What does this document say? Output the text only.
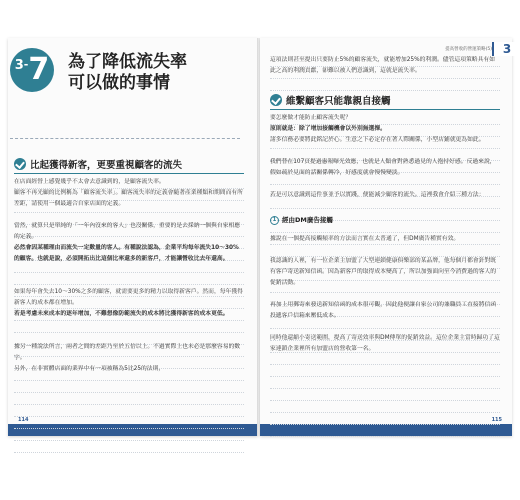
114	115
3 - 7 為了降低流失率
可以做的事情
比起獲得新客，更要重視顧客的流失
在店面經營上感覺幾乎不太會去意識到的，是顧客流失率。
顧客不再光顧的比例稱為「顧客流失率」。顧客流失率的定義會隨著產業種類和期間而有所差距，請使用一個最適合自家店面的定義。
當然，就算只是單純的「一年內沒來的客人」也沒關係，重要的是去採納一個與自家相應的定義。
必然會因某種理由而流失一定數量的客人。有種說法認為，企業平均每年流失10～30%的顧客。也就是說，必須開拓出比這個比率還多的新客戶，才能讓營收比去年還高。
如果每年會失去10～30%之多的顧客，就需要更多的精力以取得新客戶。然而，每年獲得新客人的成本都在增加。
若是考慮未來成本的逐年增加，不難想像防範流失的成本將比獲得新客的成本更低。
據另一種說法所言，兩者之間的差距乃至於五倍以上。不過實際上也未必是那麼容易的數字。
另外，在非實體店面的業界中有一項被稱為5比25的法則，
提高營收的營運策略(5) 3
這項法則甚至提出只要防止5%的顧客流失，就能增加25%的利潤。儘管這項策略具有如此之高的利潤貢獻，卻難以被人們意識到，這就是流失率。
維繫顧客只能靠親自接觸
要怎麼做才能防止顧客流失呢？
原則就是：除了增加接觸機會以外別無選擇。
諸多信務必要將此銘記於心。生意之下必定存在著人際關係，小型店鋪就更為如此。
我們替在107頁提過惠報曝光效應，也就是人類會對熟悉過見的人抱持好感。反過來說，假如疏於見面的話關係轉冷，好感度就會慢慢變淡。
若是可以意識到這件事並予以實踐，便能減少顧客的流失。這裡我會介紹三種方法：
1 經由DM廣告接觸
據說在一個提高接觸頻率的方法而言實在太普通了，但DM廣告種實有效。
我認識的人裡，有一位企業主加盟了大型連鎖健康俱樂部的某品牌，他每個月都會針對既有客戶寄送新知信函。因為新客戶的取得成本變高了，所以加強面向至今消費過的客人的促銷活動。
再加上用郵寄來發送新知信函的成本很可觀，因此他便讓自家公司的兼職員工直接將信函投遞客戶信箱來壓低成本。
同時他還縮小寄送範圍，提高了寄送效率與DM傳單的促銷效益。這位企業主當時歸功了這家連鎖企業裡所有加盟店的營收第一名。
